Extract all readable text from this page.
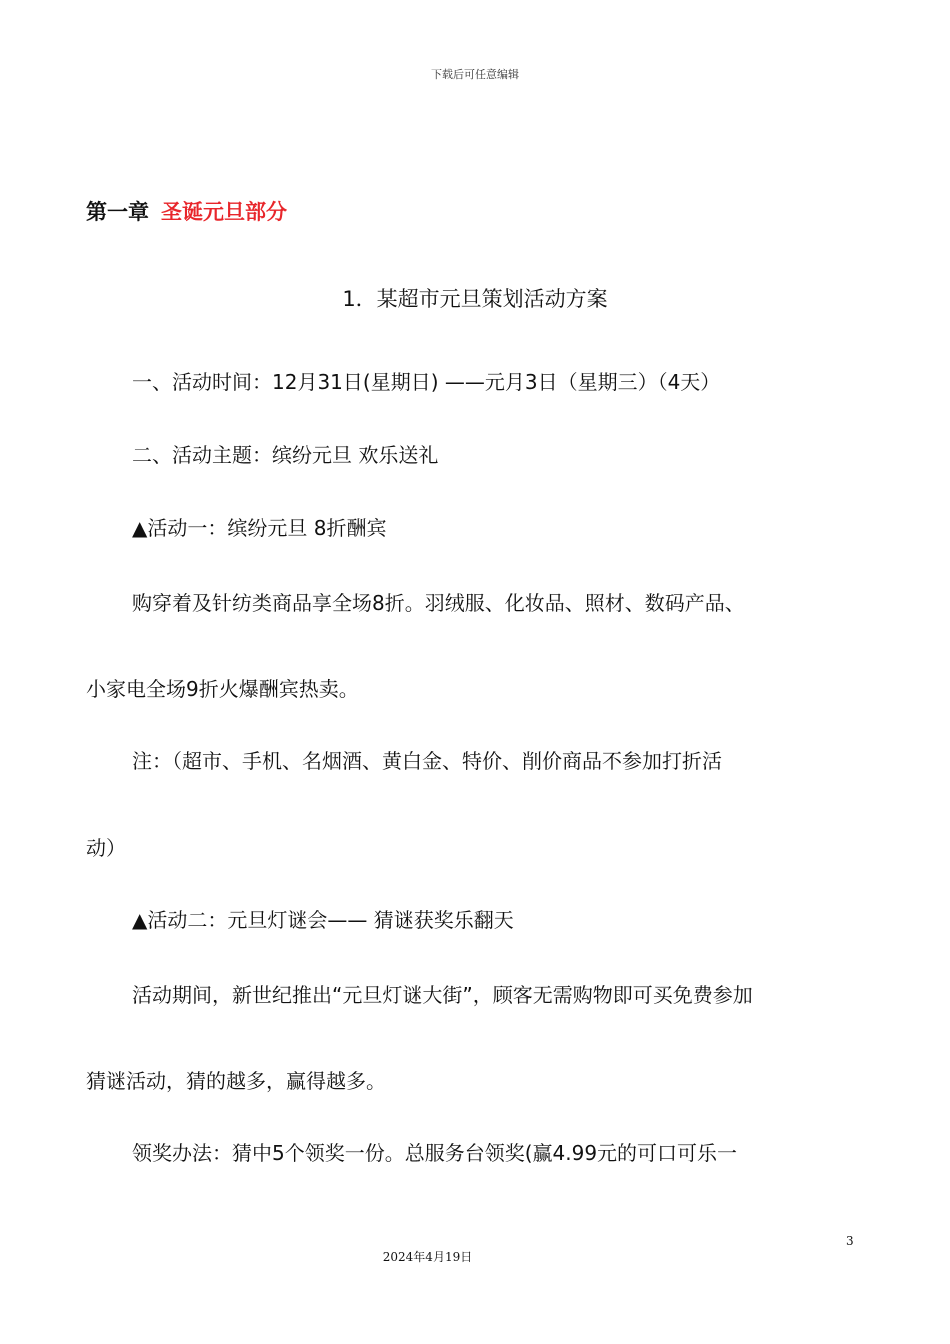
下载后可任意编辑
第一章 圣诞元旦部分
1．某超市元旦策划活动方案
一、活动时间：12月31日(星期日) ——元月3日（星期三）（4天）
二、活动主题：缤纷元旦 欢乐送礼
▲活动一：缤纷元旦 8折酬宾
购穿着及针纺类商品享全场8折。羽绒服、化妆品、照材、数码产品、
小家电全场9折火爆酬宾热卖。
注：（超市、手机、名烟酒、黄白金、特价、削价商品不参加打折活
动）
▲活动二：元旦灯谜会—— 猜谜获奖乐翻天
活动期间，新世纪推出“元旦灯谜大街”，顾客无需购物即可买免费参加
猜谜活动，猜的越多，赢得越多。
领奖办法：猜中5个领奖一份。总服务台领奖(赢4.99元的可口可乐一
3
2024年4月19日
